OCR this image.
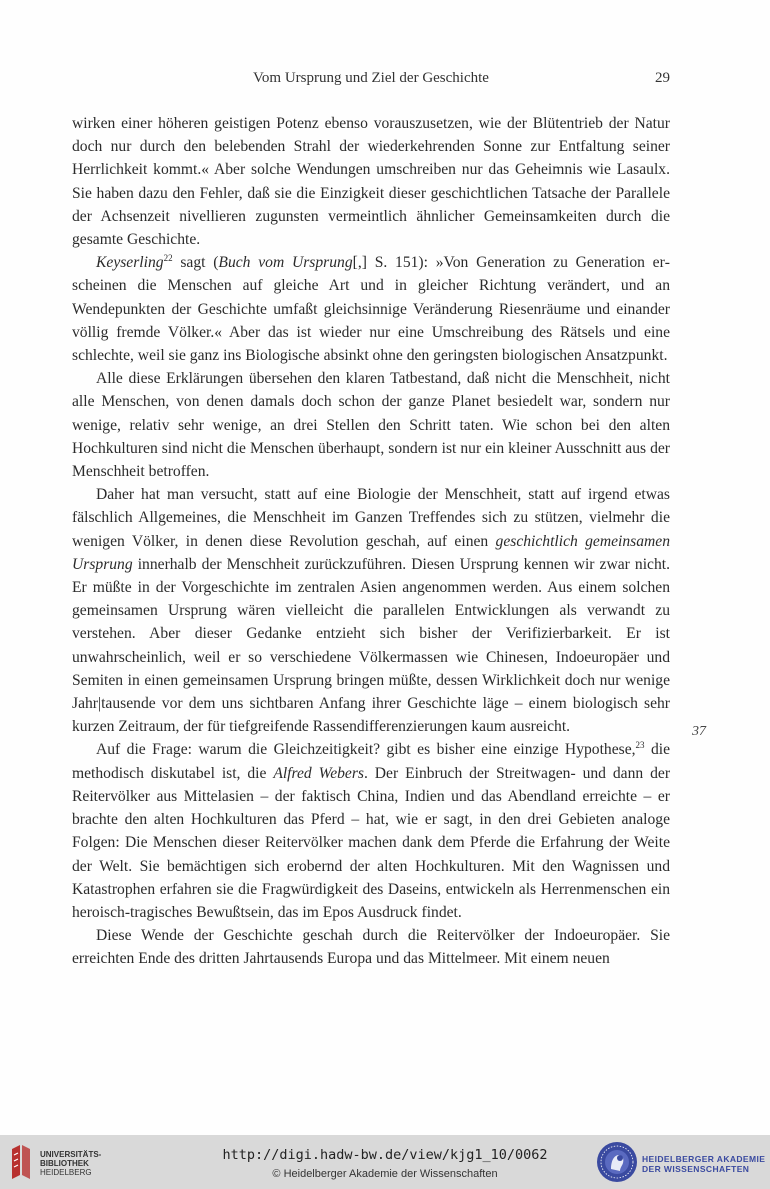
Vom Ursprung und Ziel der Geschichte	29

wirken einer höheren geistigen Potenz ebenso vorauszusetzen, wie der Blütentrieb der Natur doch nur durch den belebenden Strahl der wiederkehrenden Sonne zur Entfaltung seiner Herrlichkeit kommt.« Aber solche Wendungen umschreiben nur das Geheimnis wie Lasaulx. Sie haben dazu den Fehler, daß sie die Einzigkeit dieser geschichtlichen Tatsache der Parallele der Achsenzeit nivellieren zugunsten vermeintlich ähnlicher Gemeinsamkeiten durch die gesamte Geschichte.

Keyserling$^{22}$ sagt (Buch vom Ursprung[,] S. 151): »Von Generation zu Generation erscheinen die Menschen auf gleiche Art und in gleicher Richtung verändert, und an Wendepunkten der Geschichte umfaßt gleichsinnige Veränderung Riesenräume und einander völlig fremde Völker.« Aber das ist wieder nur eine Umschreibung des Rätsels und eine schlechte, weil sie ganz ins Biologische absinkt ohne den geringsten biologischen Ansatzpunkt.

Alle diese Erklärungen übersehen den klaren Tatbestand, daß nicht die Menschheit, nicht alle Menschen, von denen damals doch schon der ganze Planet besiedelt war, sondern nur wenige, relativ sehr wenige, an drei Stellen den Schritt taten. Wie schon bei den alten Hochkulturen sind nicht die Menschen überhaupt, sondern ist nur ein kleiner Ausschnitt aus der Menschheit betroffen.

Daher hat man versucht, statt auf eine Biologie der Menschheit, statt auf irgend etwas fälschlich Allgemeines, die Menschheit im Ganzen Treffendes sich zu stützen, vielmehr die wenigen Völker, in denen diese Revolution geschah, auf einen geschichtlich gemeinsamen Ursprung innerhalb der Menschheit zurückzuführen. Diesen Ursprung kennen wir zwar nicht. Er müßte in der Vorgeschichte im zentralen Asien angenommen werden. Aus einem solchen gemeinsamen Ursprung wären vielleicht die parallelen Entwicklungen als verwandt zu verstehen. Aber dieser Gedanke entzieht sich bisher der Verifizierbarkeit. Er ist unwahrscheinlich, weil er so verschiedene Völkermassen wie Chinesen, Indoeuropäer und Semiten in einen gemeinsamen Ursprung bringen müßte, dessen Wirklichkeit doch nur wenige Jahr|tausende vor dem uns sichtbaren Anfang ihrer Geschichte läge – einem biologisch sehr kurzen Zeitraum, der für tiefgreifende Rassendifferenzierungen kaum ausreicht.

Auf die Frage: warum die Gleichzeitigkeit? gibt es bisher eine einzige Hypothese,$^{23}$ die methodisch diskutabel ist, die Alfred Webers. Der Einbruch der Streitwagen- und dann der Reitervölker aus Mittelasien – der faktisch China, Indien und das Abendland erreichte – er brachte den alten Hochkulturen das Pferd – hat, wie er sagt, in den drei Gebieten analoge Folgen: Die Menschen dieser Reitervölker machen dank dem Pferde die Erfahrung der Weite der Welt. Sie bemächtigen sich erobernd der alten Hochkulturen. Mit den Wagnissen und Katastrophen erfahren sie die Fragwürdigkeit des Daseins, entwickeln als Herrenmenschen ein heroisch-tragisches Bewußtsein, das im Epos Ausdruck findet.

Diese Wende der Geschichte geschah durch die Reitervölker der Indoeuropäer. Sie erreichten Ende des dritten Jahrtausends Europa und das Mittelmeer. Mit einem neuen

37
UNIVERSITÄTS-
BIBLIOTHEK
HEIDELBERG
http://digi.hadw-bw.de/view/kjg1_10/0062
© Heidelberger Akademie der Wissenschaften
HEIDELBERGER AKADEMIE
DER WISSENSCHAFTEN
